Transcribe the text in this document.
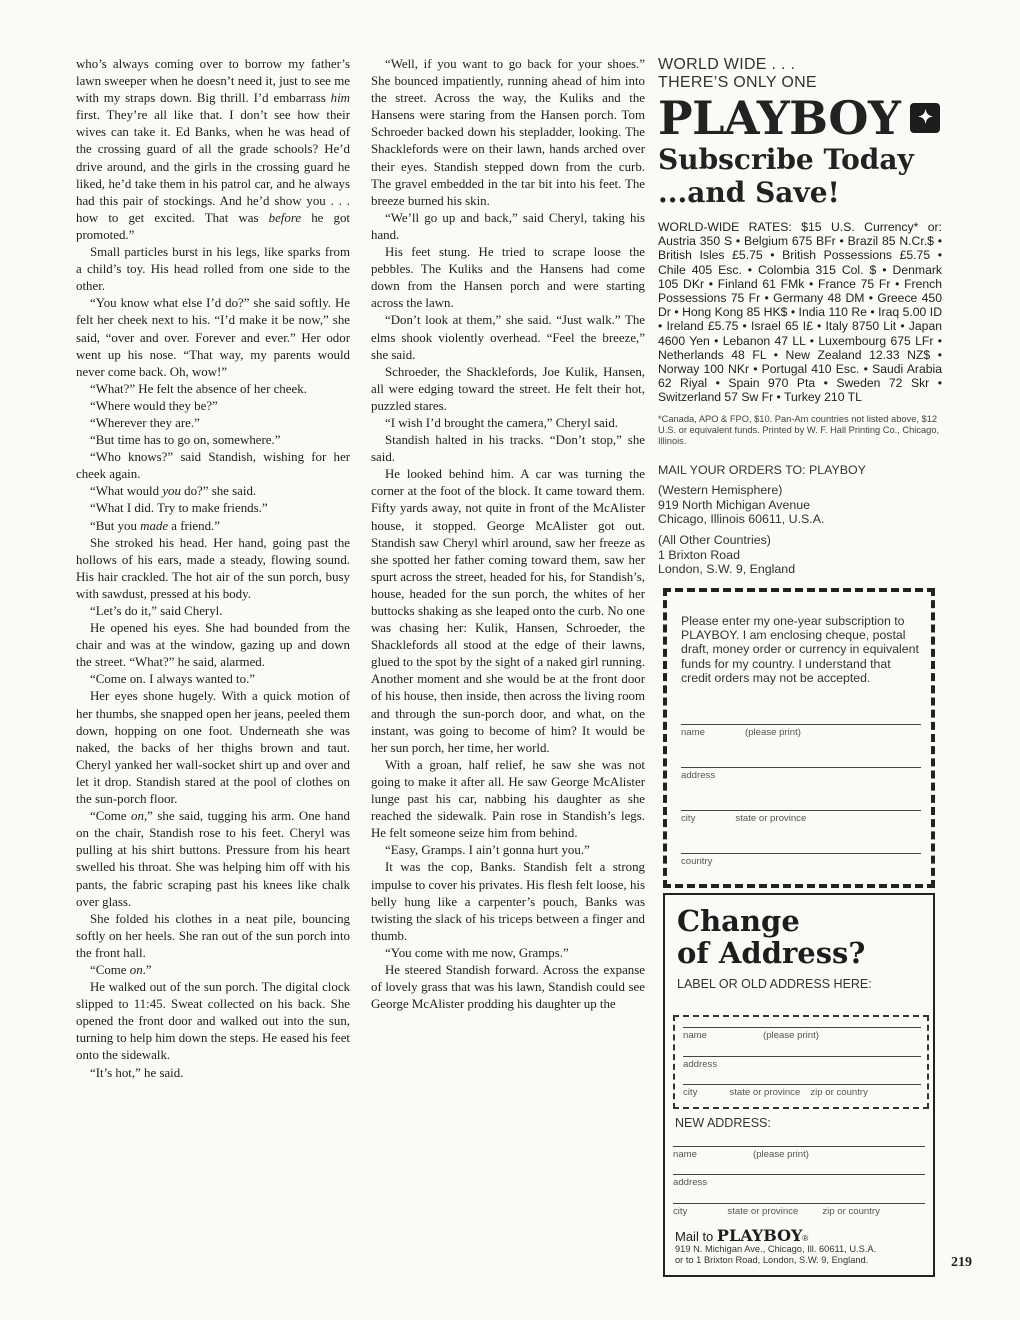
who’s always coming over to borrow my father’s lawn sweeper when he doesn’t need it, just to see me with my straps down. Big thrill. I’d embarrass him first. They’re all like that. I don’t see how their wives can take it. Ed Banks, when he was head of the crossing guard of all the grade schools? He’d drive around, and the girls in the crossing guard he liked, he’d take them in his patrol car, and he always had this pair of stockings. And he’d show you . . . how to get excited. That was before he got promoted.”

Small particles burst in his legs, like sparks from a child’s toy. His head rolled from one side to the other.

“You know what else I’d do?” she said softly. He felt her cheek next to his. “I’d make it be now,” she said, “over and over. Forever and ever.” Her odor went up his nose. “That way, my parents would never come back. Oh, wow!”

“What?” He felt the absence of her cheek.

“Where would they be?”

“Wherever they are.”

“But time has to go on, somewhere.”

“Who knows?” said Standish, wishing for her cheek again.

“What would you do?” she said.

“What I did. Try to make friends.”

“But you made a friend.”

She stroked his head. Her hand, going past the hollows of his ears, made a steady, flowing sound. His hair crackled. The hot air of the sun porch, busy with sawdust, pressed at his body.

“Let’s do it,” said Cheryl.

He opened his eyes. She had bounded from the chair and was at the window, gazing up and down the street. “What?” he said, alarmed.

“Come on. I always wanted to.”

Her eyes shone hugely. With a quick motion of her thumbs, she snapped open her jeans, peeled them down, hopping on one foot. Underneath she was naked, the backs of her thighs brown and taut. Cheryl yanked her wall-socket shirt up and over and let it drop. Standish stared at the pool of clothes on the sun-porch floor.

“Come on,” she said, tugging his arm. One hand on the chair, Standish rose to his feet. Cheryl was pulling at his shirt buttons. Pressure from his heart swelled his throat. She was helping him off with his pants, the fabric scraping past his knees like chalk over glass.

She folded his clothes in a neat pile, bouncing softly on her heels. She ran out of the sun porch into the front hall.

“Come on.”

He walked out of the sun porch. The digital clock slipped to 11:45. Sweat collected on his back. She opened the front door and walked out into the sun, turning to help him down the steps. He eased his feet onto the sidewalk.

“It’s hot,” he said.

“Well, if you want to go back for your shoes.” She bounced impatiently, running ahead of him into the street. Across the way, the Kuliks and the Hansens were staring from the Hansen porch. Tom Schroeder backed down his stepladder, looking. The Shacklefords were on their lawn, hands arched over their eyes. Standish stepped down from the curb. The gravel embedded in the tar bit into his feet. The breeze burned his skin.

“We’ll go up and back,” said Cheryl, taking his hand.

His feet stung. He tried to scrape loose the pebbles. The Kuliks and the Hansens had come down from the Hansen porch and were starting across the lawn.

“Don’t look at them,” she said. “Just walk.” The elms shook violently overhead. “Feel the breeze,” she said.

Schroeder, the Shacklefords, Joe Kulik, Hansen, all were edging toward the street. He felt their hot, puzzled stares.

“I wish I’d brought the camera,” Cheryl said.

Standish halted in his tracks. “Don’t stop,” she said.

He looked behind him. A car was turning the corner at the foot of the block. It came toward them. Fifty yards away, not quite in front of the McAlister house, it stopped. George McAlister got out. Standish saw Cheryl whirl around, saw her freeze as she spotted her father coming toward them, saw her spurt across the street, headed for his, for Standish’s, house, headed for the sun porch, the whites of her buttocks shaking as she leaped onto the curb. No one was chasing her: Kulik, Hansen, Schroeder, the Shacklefords all stood at the edge of their lawns, glued to the spot by the sight of a naked girl running. Another moment and she would be at the front door of his house, then inside, then across the living room and through the sun-porch door, and what, on the instant, was going to become of him? It would be her sun porch, her time, her world.

With a groan, half relief, he saw she was not going to make it after all. He saw George McAlister lunge past his car, nabbing his daughter as she reached the sidewalk. Pain rose in Standish’s legs. He felt someone seize him from behind.

“Easy, Gramps. I ain’t gonna hurt you.”

It was the cop, Banks. Standish felt a strong impulse to cover his privates. His flesh felt loose, his belly hung like a carpenter’s pouch, Banks was twisting the slack of his triceps between a finger and thumb.

“You come with me now, Gramps.”

He steered Standish forward. Across the expanse of lovely grass that was his lawn, Standish could see George McAlister prodding his daughter up the

WORLD WIDE . . .
THERE’S ONLY ONE
PLAYBOY ✦
Subscribe Today
...and Save!
WORLD-WIDE RATES: $15 U.S. Currency* or: Austria 350 S • Belgium 675 BFr • Brazil 85 N.Cr.$ • British Isles £5.75 • British Possessions £5.75 • Chile 405 Esc. • Colombia 315 Col. $ • Denmark 105 DKr • Finland 61 FMk • France 75 Fr • French Possessions 75 Fr • Germany 48 DM • Greece 450 Dr • Hong Kong 85 HK$ • India 110 Re • Iraq 5.00 ID • Ireland £5.75 • Israel 65 I£ • Italy 8750 Lit • Japan 4600 Yen • Lebanon 47 LL • Luxembourg 675 LFr • Netherlands 48 FL • New Zealand 12.33 NZ$ • Norway 100 NKr • Portugal 410 Esc. • Saudi Arabia 62 Riyal • Spain 970 Pta • Sweden 72 Skr • Switzerland 57 Sw Fr • Turkey 210 TL
*Canada, APO & FPO, $10. Pan-Am countries not listed above, $12 U.S. or equivalent funds. Printed by W. F. Hall Printing Co., Chicago, Illinois.
MAIL YOUR ORDERS TO: PLAYBOY
(Western Hemisphere)
919 North Michigan Avenue
Chicago, Illinois 60611, U.S.A.
(All Other Countries)
1 Brixton Road
London, S.W. 9, England
Please enter my one-year subscription to PLAYBOY. I am enclosing cheque, postal draft, money order or currency in equivalent funds for my country. I understand that credit orders may not be accepted.
name	(please print)
address
city	state or province
country
Change
of Address?
LABEL OR OLD ADDRESS HERE:
name	(please print)
address
city	state or province zip or country
NEW ADDRESS:
name	(please print)
address
city	state or province	zip or country
Mail to PLAYBOY®
919 N. Michigan Ave., Chicago, Ill. 60611, U.S.A.
or to 1 Brixton Road, London, S.W. 9, England.	219
